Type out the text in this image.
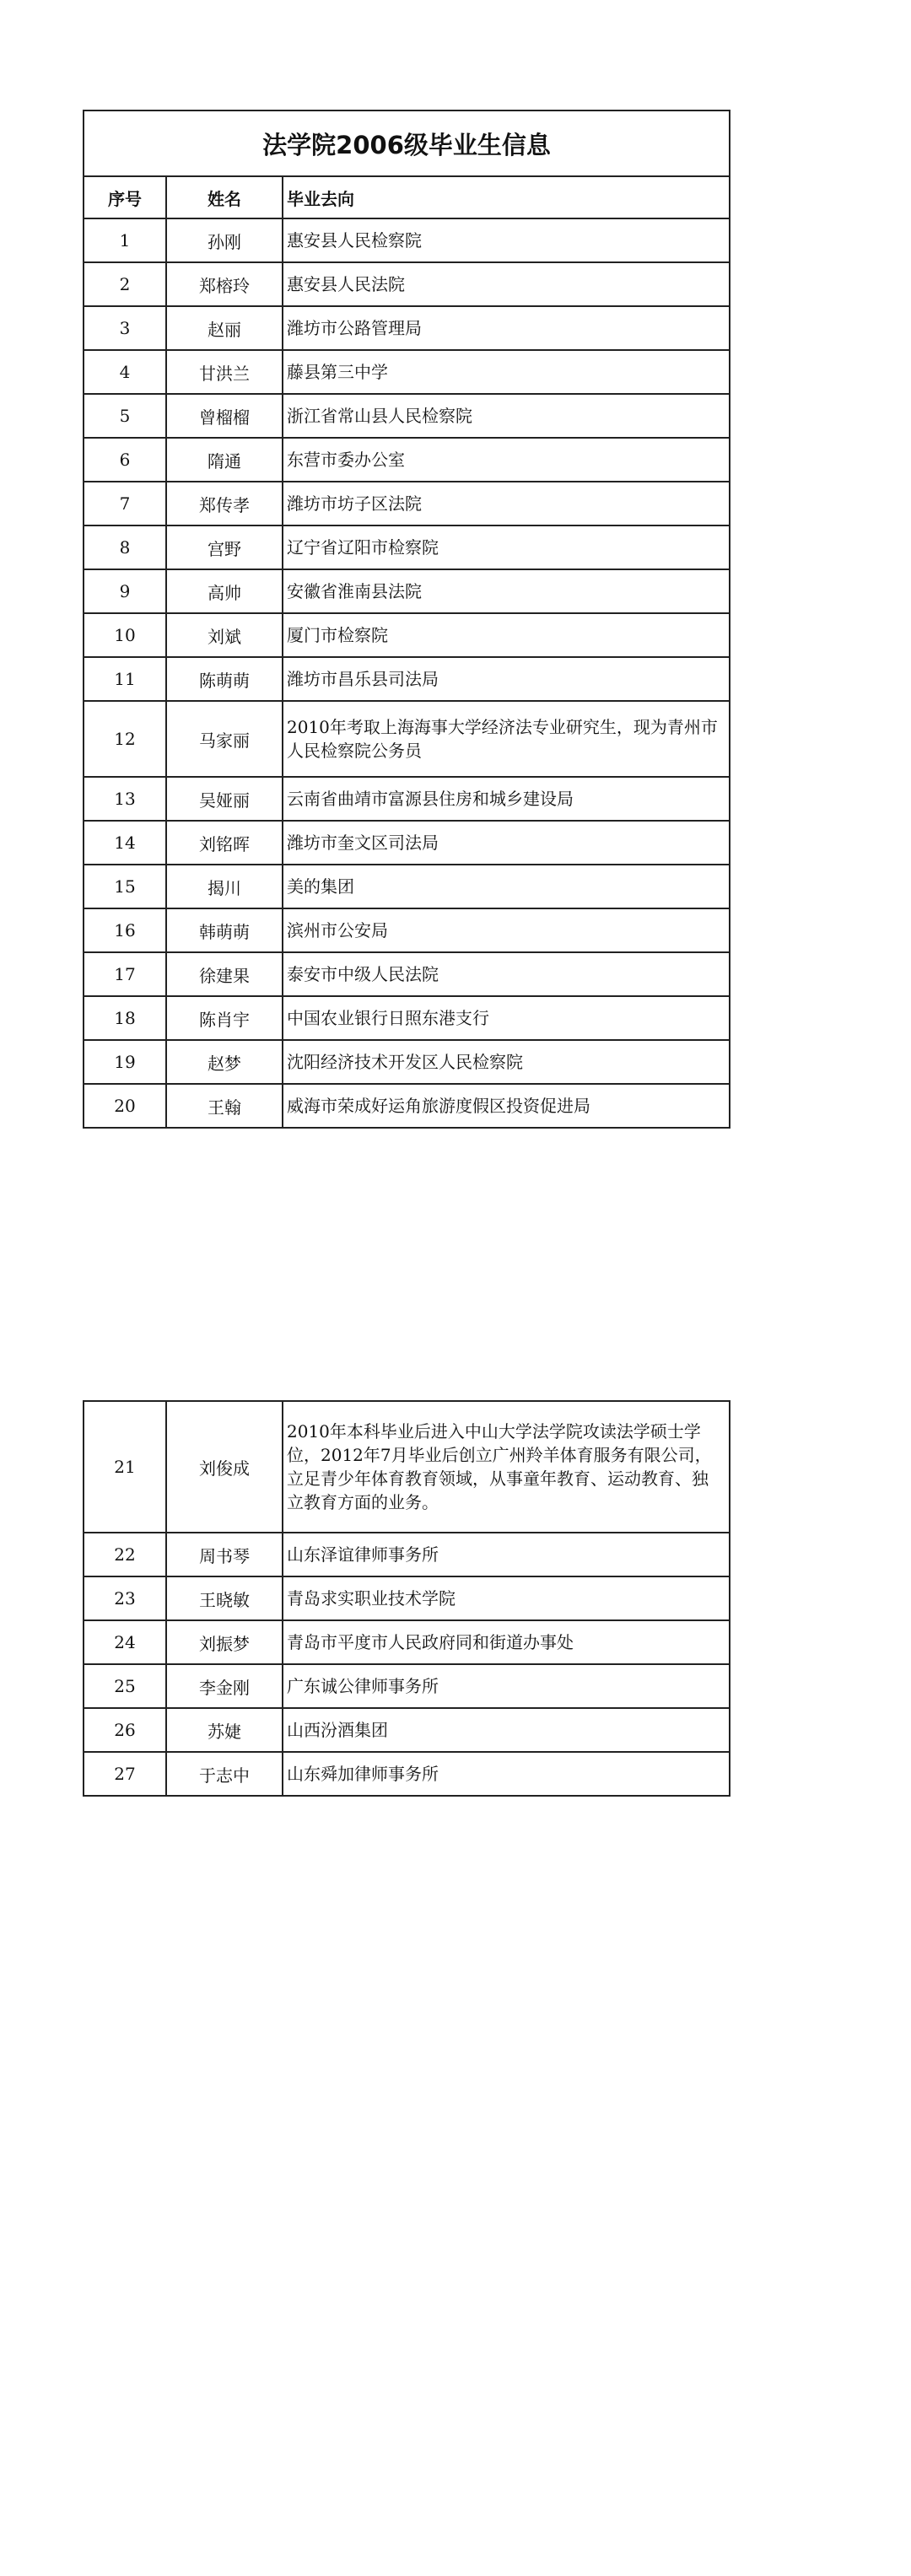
法学院2006级毕业生信息		
序号	姓名	毕业去向
1	孙刚	惠安县人民检察院
2	郑榕玲	惠安县人民法院
3	赵丽	潍坊市公路管理局
4	甘洪兰	藤县第三中学
5	曾榴榴	浙江省常山县人民检察院
6	隋通	东营市委办公室
7	郑传孝	潍坊市坊子区法院
8	宫野	辽宁省辽阳市检察院
9	高帅	安徽省淮南县法院
10	刘斌	厦门市检察院
11	陈萌萌	潍坊市昌乐县司法局
12	马家丽	2010年考取上海海事大学经济法专业研究生，现为青州市人民检察院公务员
13	吴娅丽	云南省曲靖市富源县住房和城乡建设局
14	刘铭晖	潍坊市奎文区司法局
15	揭川	美的集团
16	韩萌萌	滨州市公安局
17	徐建果	泰安市中级人民法院
18	陈肖宇	中国农业银行日照东港支行
19	赵梦	沈阳经济技术开发区人民检察院
20	王翰	威海市荣成好运角旅游度假区投资促进局
21	刘俊成	2010年本科毕业后进入中山大学法学院攻读法学硕士学位，2012年7月毕业后创立广州羚羊体育服务有限公司，立足青少年体育教育领域，从事童年教育、运动教育、独立教育方面的业务。
22	周书琴	山东泽谊律师事务所
23	王晓敏	青岛求实职业技术学院
24	刘振梦	青岛市平度市人民政府同和街道办事处
25	李金刚	广东诚公律师事务所
26	苏婕	山西汾酒集团
27	于志中	山东舜加律师事务所
